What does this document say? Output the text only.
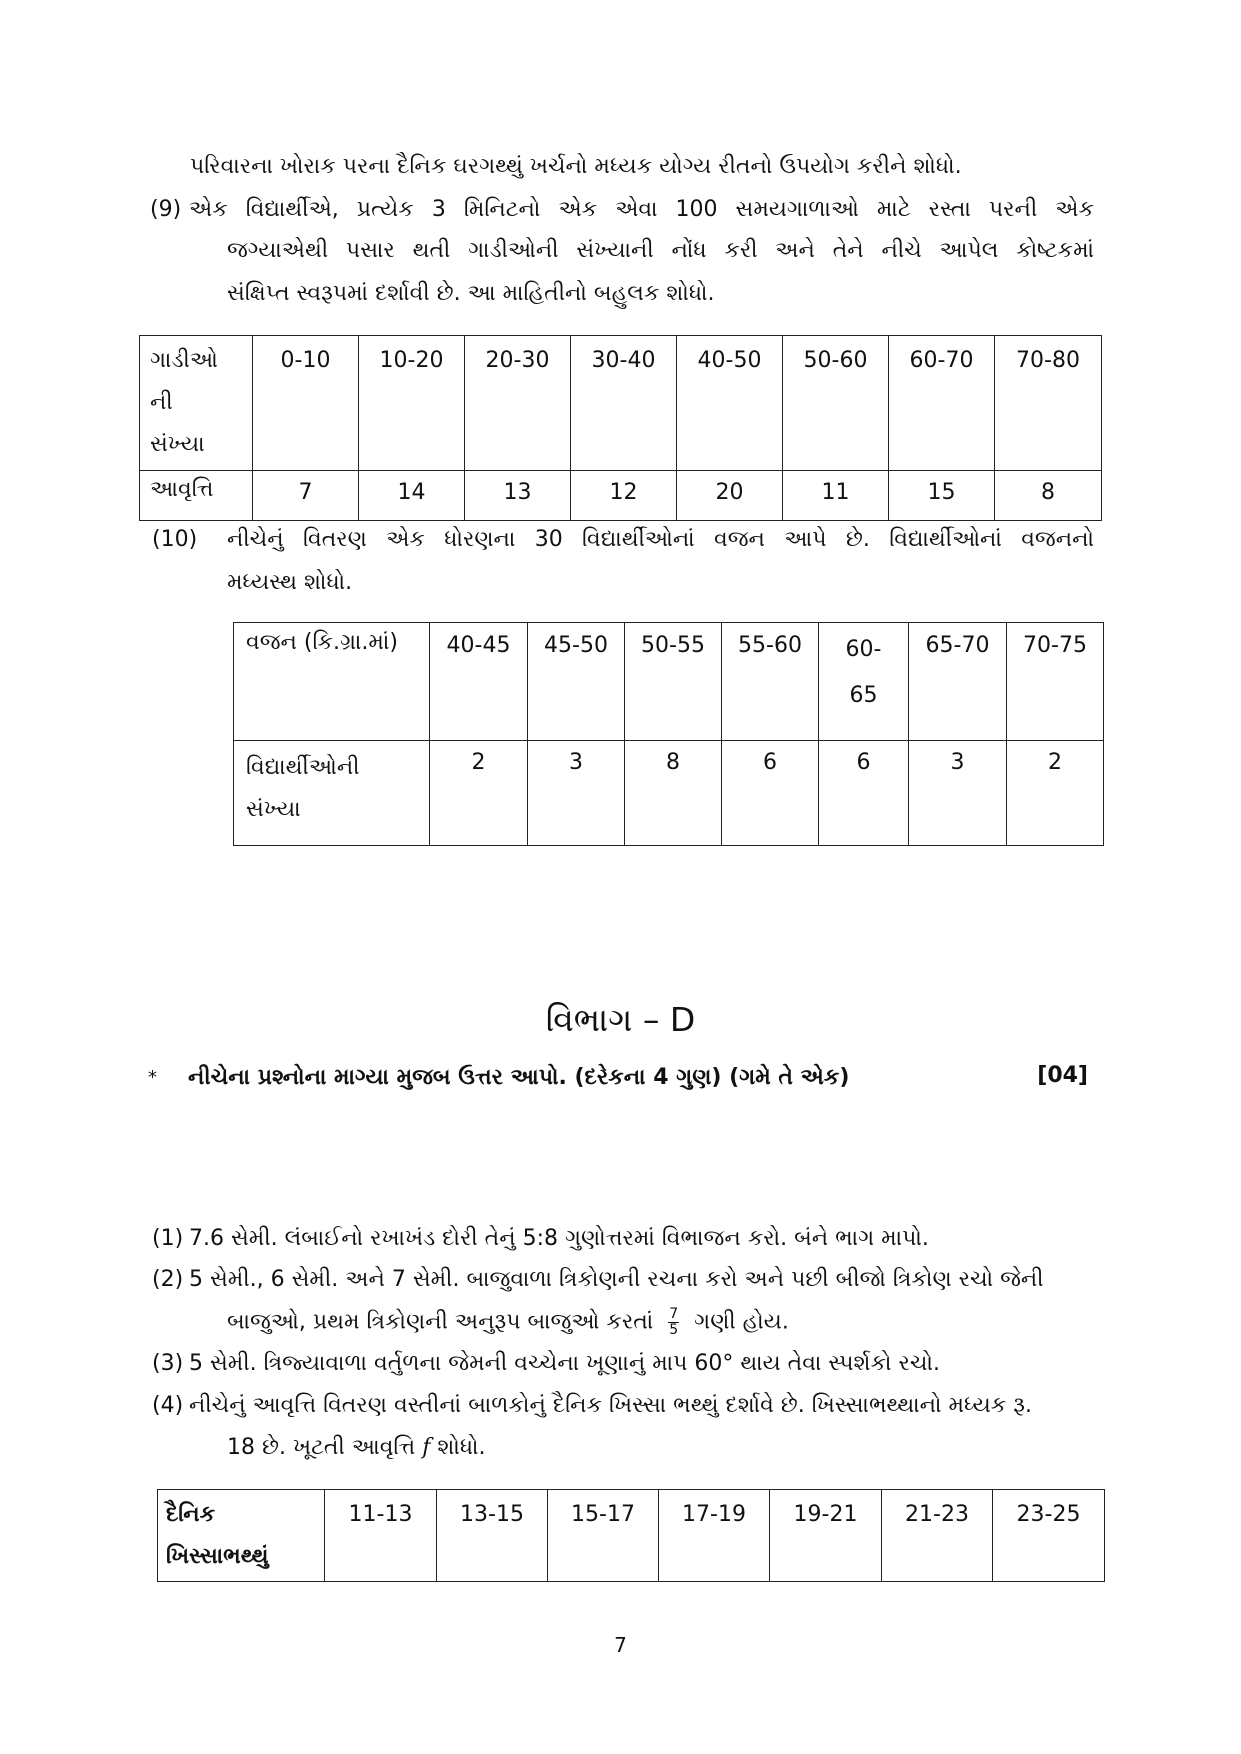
પરિવારના ખોરાક પરના દૈનિક ઘરગથ્થું ખર્ચનો મધ્યક યોગ્ય રીતનો ઉપયોગ કરીને શોધો.
(9) એક વિદ્યાર્થીએ, પ્રત્યેક 3 મિનિટનો એક એવા 100 સમયગાળાઓ માટે રસ્તા પરની એક
જગ્યાએથી પસાર થતી ગાડીઓની સંખ્યાની નોંધ કરી અને તેને નીચે આપેલ કોષ્ટકમાં
સંક્ષિપ્ત સ્વરૂપમાં દર્શાવી છે. આ માહિતીનો બહુલક શોધો.
ગાડીઓ
ની
સંખ્યા	0-10	10-20	20-30	30-40	40-50	50-60	60-70	70-80
આવૃત્તિ	7	14	13	12	20	11	15	8
(10) નીચેનું વિતરણ એક ધોરણના 30 વિદ્યાર્થીઓનાં વજન આપે છે. વિદ્યાર્થીઓનાં વજનનો
મધ્યસ્થ શોધો.
વજન (કિ.ગ્રા.માં)	40-45	45-50	50-55	55-60	60-
65	65-70	70-75
વિદ્યાર્થીઓની
સંખ્યા	2	3	8	6	6	3	2
વિભાગ – D
* નીચેના પ્રશ્નોના માગ્યા મુજબ ઉત્તર આપો. (દરેકના 4 ગુણ) (ગમે તે એક)	[04]
(1) 7.6 સેમી. લંબાઈનો રખાખંડ દોરી તેનું 5:8 ગુણોત્તરમાં વિભાજન કરો. બંને ભાગ માપો.
(2) 5 સેમી., 6 સેમી. અને 7 સેમી. બાજુવાળા ત્રિકોણની રચના કરો અને પછી બીજો ત્રિકોણ રચો જેની
બાજુઓ, પ્રથમ ત્રિકોણની અનુરૂપ બાજુઓ કરતાં $\frac{7}{5}$ ગણી હોય.
(3) 5 સેમી. ત્રિજ્યાવાળા વર્તુળના જેમની વચ્ચેના ખૂણાનું માપ 60° થાય તેવા સ્પર્શકો રચો.
(4) નીચેનું આવૃત્તિ વિતરણ વસ્તીનાં બાળકોનું દૈનિક ખિસ્સા ભથ્થું દર્શાવે છે. ખિસ્સાભથ્થાનો મધ્યક રૂ.
18 છે. ખૂટતી આવૃત્તિ f શોધો.
દૈનિક
ખિસ્સાભથ્થું	11-13	13-15	15-17	17-19	19-21	21-23	23-25
7
